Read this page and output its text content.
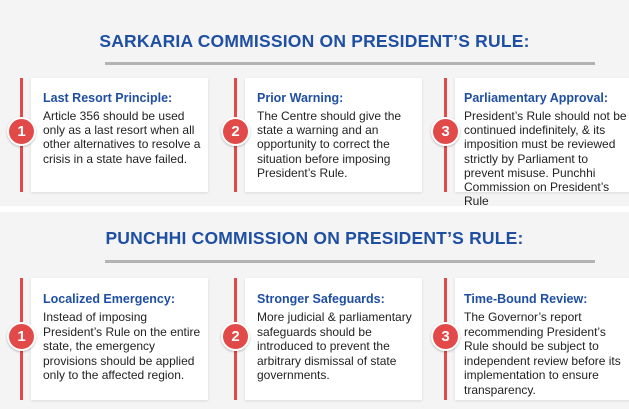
SARKARIA COMMISSION ON PRESIDENT’S RULE:
Last Resort Principle:
Article 356 should be used only as a last resort when all other alternatives to resolve a crisis in a state have failed.
1
Prior Warning:
The Centre should give the state a warning and an opportunity to correct the situation before imposing President’s Rule.
2
Parliamentary Approval:
President’s Rule should not be continued indefinitely, & its imposition must be reviewed strictly by Parliament to prevent misuse. Punchhi Commission on President’s Rule
3
PUNCHHI COMMISSION ON PRESIDENT’S RULE:
Localized Emergency:
Instead of imposing President’s Rule on the entire state, the emergency provisions should be applied only to the affected region.
1
Stronger Safeguards:
More judicial & parliamentary safeguards should be introduced to prevent the arbitrary dismissal of state governments.
2
Time-Bound Review:
The Governor’s report recommending President’s Rule should be subject to independent review before its implementation to ensure transparency.
3
